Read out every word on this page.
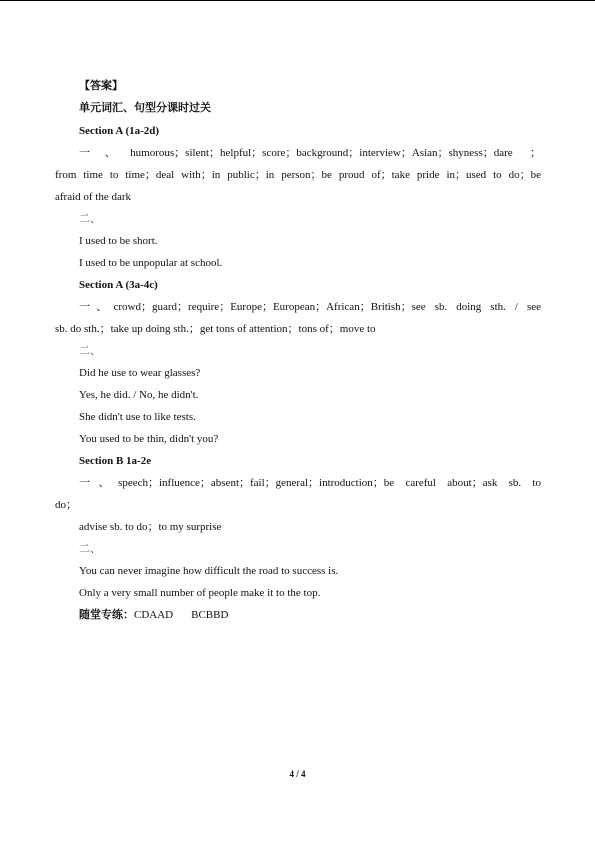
【答案】
单元词汇、句型分课时过关
Section A (1a-2d)
一、humorous；silent；helpful；score；background；interview；Asian；shyness；dare ；
from time to time；deal with；in public；in person；be proud of；take pride in；used to do；be
afraid of the dark
二、
I used to be short.
I used to be unpopular at school.
Section A (3a-4c)
一、crowd；guard；require；Europe；European；African；British；see sb. doing sth. / see
sb. do sth.；take up doing sth.；get tons of attention；tons of；move to
二、
Did he use to wear glasses?
Yes, he did. / No, he didn't.
She didn't use to like tests.
You used to be thin, didn't you?
Section B 1a-2e
一、speech；influence；absent；fail；general；introduction；be careful about；ask sb. to
do；
advise sb. to do；to my surprise
二、
You can never imagine how difficult the road to success is.
Only a very small number of people make it to the top.
随堂专练：CDAAD BCBBD
4 / 4
